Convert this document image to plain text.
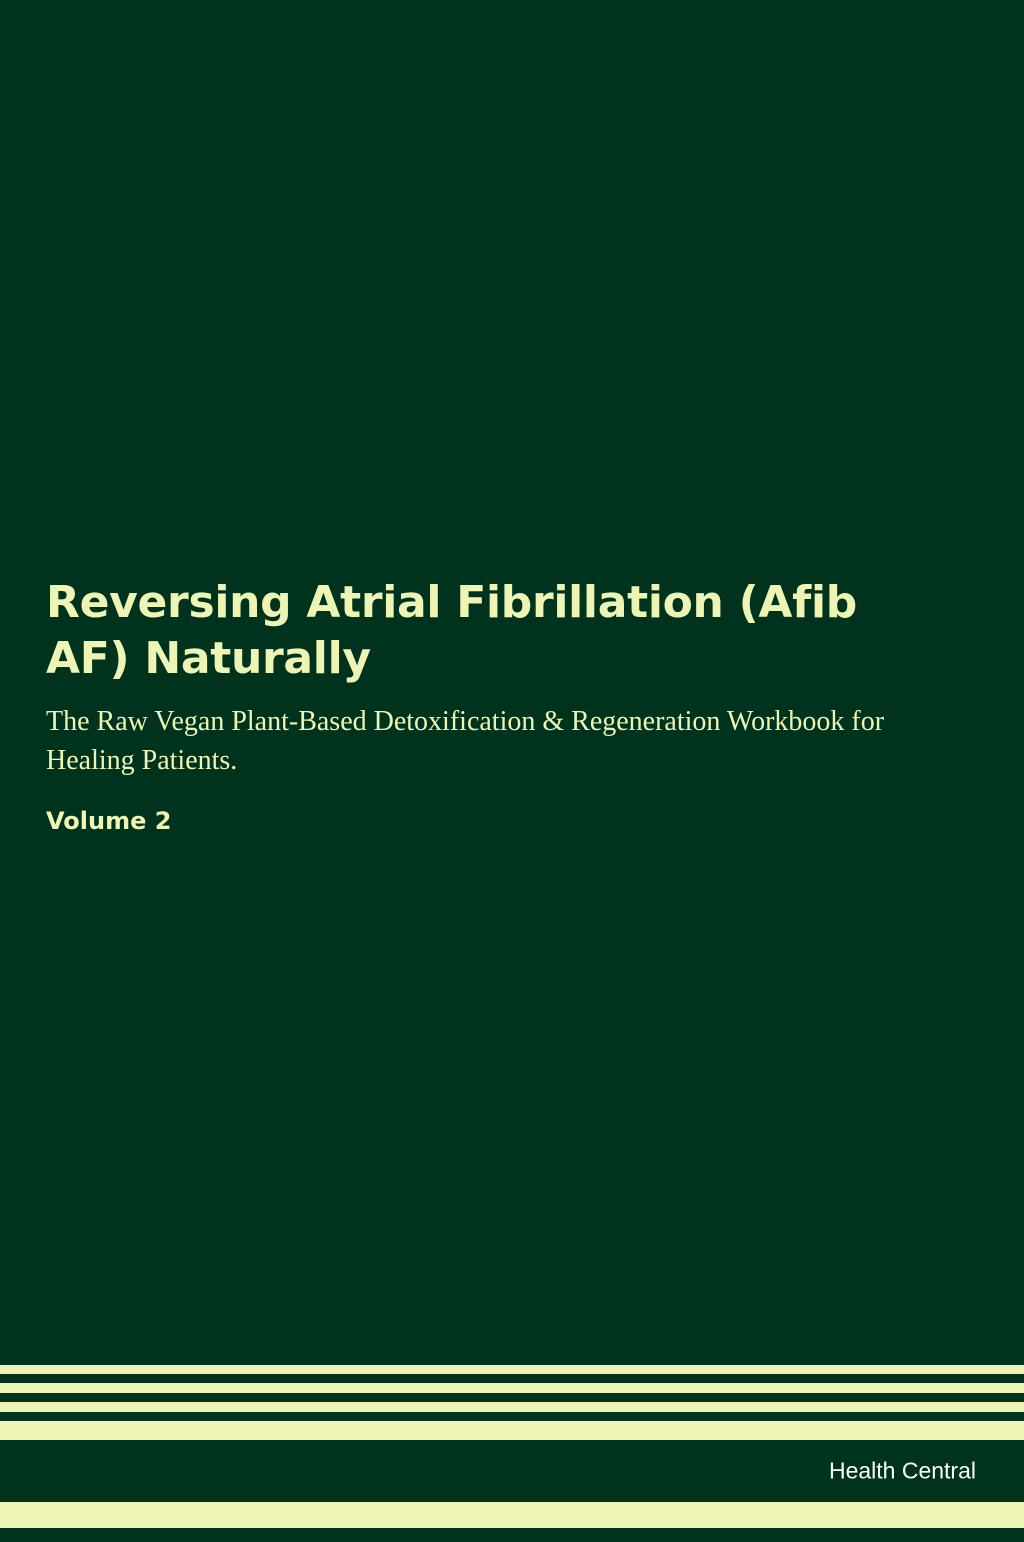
Reversing Atrial Fibrillation (Afib AF) Naturally

The Raw Vegan Plant-Based Detoxification & Regeneration Workbook for Healing Patients.

Volume 2

Health Central
